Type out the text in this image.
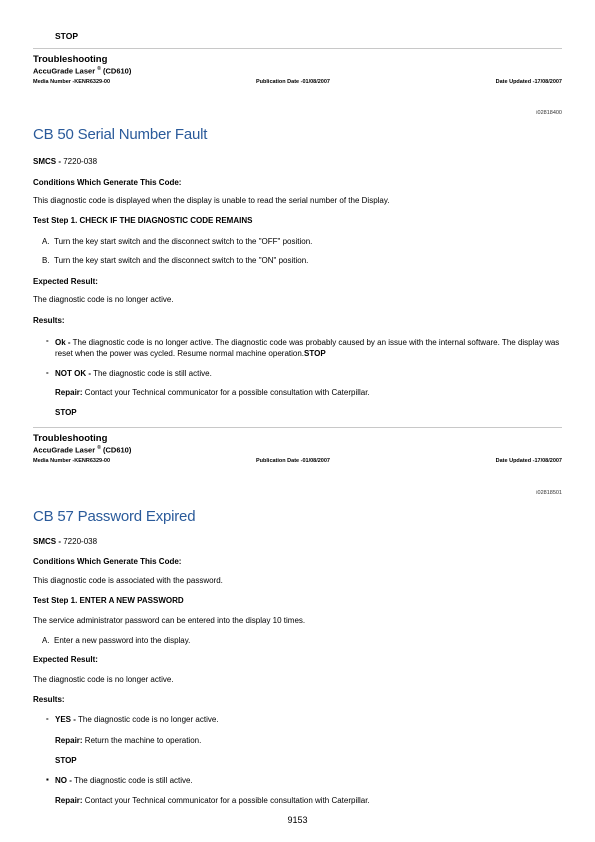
STOP
Troubleshooting
AccuGrade Laser ® (CD610)
Media Number -KENR6329-00	Publication Date -01/08/2007	Date Updated -17/08/2007
i02818400
CB 50 Serial Number Fault
SMCS - 7220-038
Conditions Which Generate This Code:
This diagnostic code is displayed when the display is unable to read the serial number of the Display.
Test Step 1. CHECK IF THE DIAGNOSTIC CODE REMAINS
A. Turn the key start switch and the disconnect switch to the "OFF" position.
B. Turn the key start switch and the disconnect switch to the "ON" position.
Expected Result:
The diagnostic code is no longer active.
Results:
- Ok - The diagnostic code is no longer active. The diagnostic code was probably caused by an issue with the internal software. The display was reset when the power was cycled. Resume normal machine operation.STOP
- NOT OK - The diagnostic code is still active.
Repair: Contact your Technical communicator for a possible consultation with Caterpillar.
STOP
Troubleshooting
AccuGrade Laser ® (CD610)
Media Number -KENR6329-00	Publication Date -01/08/2007	Date Updated -17/08/2007
i02818501
CB 57 Password Expired
SMCS - 7220-038
Conditions Which Generate This Code:
This diagnostic code is associated with the password.
Test Step 1. ENTER A NEW PASSWORD
The service administrator password can be entered into the display 10 times.
A. Enter a new password into the display.
Expected Result:
The diagnostic code is no longer active.
Results:
- YES - The diagnostic code is no longer active.
Repair: Return the machine to operation.
STOP
▪ NO - The diagnostic code is still active.
Repair: Contact your Technical communicator for a possible consultation with Caterpillar.
9153
